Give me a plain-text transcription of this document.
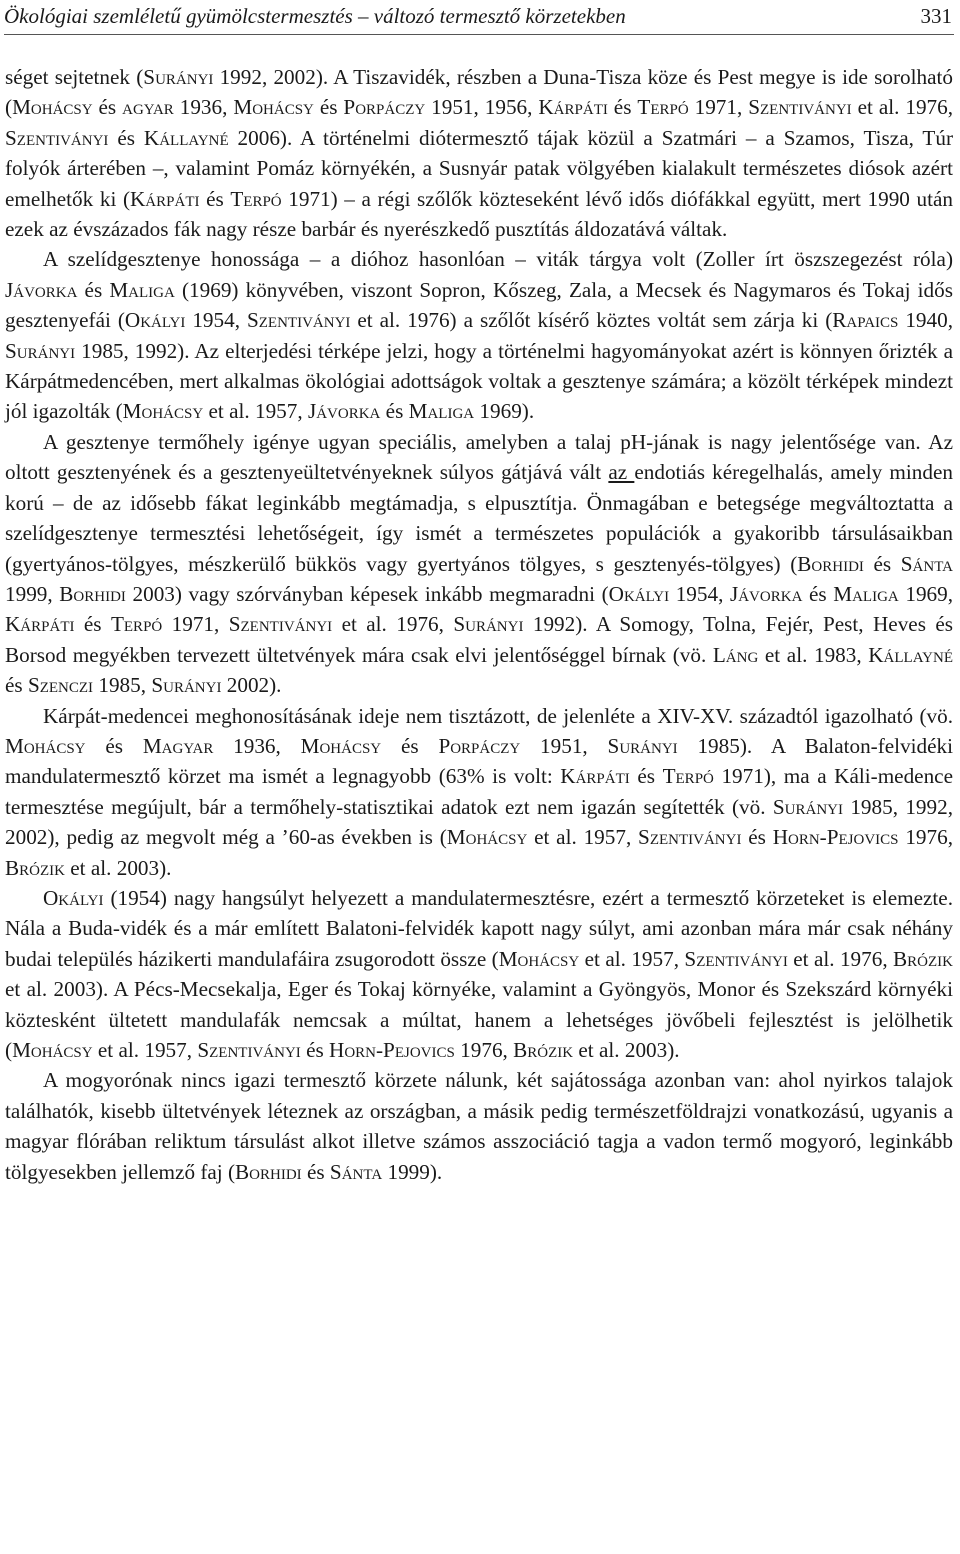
Ökológiai szemléletű gyümölcstermesztés – változó termesztő körzetekben	331

séget sejtetnek (Surányi 1992, 2002). A Tiszavidék, részben a Duna-Tisza köze és Pest megye is ide sorolható (Mohácsy és agyar 1936, Mohácsy és Porpáczy 1951, 1956, Kárpáti és Terpó 1971, Szentiványi et al. 1976, Szentiványi és Kállayné 2006). A történelmi diótermesztő tájak közül a Szatmári – a Szamos, Tisza, Túr folyók árterében –, valamint Pomáz környékén, a Susnyár patak völgyében kialakult természetes diósok azért emelhetők ki (Kárpáti és Terpó 1971) – a régi szőlők közteseként lévő idős diófákkal együtt, mert 1990 után ezek az évszázados fák nagy része barbár és nyerészkedő pusztítás áldozatává váltak.

A szelídgesztenye honossága – a dióhoz hasonlóan – viták tárgya volt (Zoller írt öszszegezést róla) Jávorka és Maliga (1969) könyvében, viszont Sopron, Kőszeg, Zala, a Mecsek és Nagymaros és Tokaj idős gesztenyefái (Okályi 1954, Szentiványi et al. 1976) a szőlőt kísérő köztes voltát sem zárja ki (Rapaics 1940, Surányi 1985, 1992). Az elterjedési térképe jelzi, hogy a történelmi hagyományokat azért is könnyen őrizték a Kárpátmedencében, mert alkalmas ökológiai adottságok voltak a gesztenye számára; a közölt térképek mindezt jól igazolták (Mohácsy et al. 1957, Jávorka és Maliga 1969).

A gesztenye termőhely igénye ugyan speciális, amelyben a talaj pH-jának is nagy jelentősége van. Az oltott gesztenyének és a gesztenyeültetvényeknek súlyos gátjává vált az endotiás kéregelhalás, amely minden korú – de az idősebb fákat leginkább megtámadja, s elpusztítja. Önmagában e betegsége megváltoztatta a szelídgesztenye termesztési lehetőségeit, így ismét a természetes populációk a gyakoribb társulásaikban (gyertyános-tölgyes, mészkerülő bükkös vagy gyertyános tölgyes, s gesztenyés-tölgyes) (Borhidi és Sánta 1999, Borhidi 2003) vagy szórványban képesek inkább megmaradni (Okályi 1954, Jávorka és Maliga 1969, Kárpáti és Terpó 1971, Szentiványi et al. 1976, Surányi 1992). A Somogy, Tolna, Fejér, Pest, Heves és Borsod megyékben tervezett ültetvények mára csak elvi jelentőséggel bírnak (vö. Láng et al. 1983, Kállayné és Szenczi 1985, Surányi 2002).

Kárpát-medencei meghonosításának ideje nem tisztázott, de jelenléte a XIV-XV. századtól igazolható (vö. Mohácsy és Magyar 1936, Mohácsy és Porpáczy 1951, Surányi 1985). A Balaton-felvidéki mandulatermesztő körzet ma ismét a legnagyobb (63% is volt: Kárpáti és Terpó 1971), ma a Káli-medence termesztése megújult, bár a termőhely-statisztikai adatok ezt nem igazán segítették (vö. Surányi 1985, 1992, 2002), pedig az megvolt még a ’60-as években is (Mohácsy et al. 1957, Szentiványi és Horn-Pejovics 1976, Brózik et al. 2003).

Okályi (1954) nagy hangsúlyt helyezett a mandulatermesztésre, ezért a termesztő körzeteket is elemezte. Nála a Buda-vidék és a már említett Balatoni-felvidék kapott nagy súlyt, ami azonban mára már csak néhány budai település házikerti mandulafáira zsugorodott össze (Mohácsy et al. 1957, Szentiványi et al. 1976, Brózik et al. 2003). A Pécs-Mecsekalja, Eger és Tokaj környéke, valamint a Gyöngyös, Monor és Szekszárd környéki köztesként ültetett mandulafák nemcsak a múltat, hanem a lehetséges jövőbeli fejlesztést is jelölhetik (Mohácsy et al. 1957, Szentiványi és Horn-Pejovics 1976, Brózik et al. 2003).

A mogyorónak nincs igazi termesztő körzete nálunk, két sajátossága azonban van: ahol nyirkos talajok találhatók, kisebb ültetvények léteznek az országban, a másik pedig természetföldrajzi vonatkozású, ugyanis a magyar flórában reliktum társulást alkot illetve számos asszociáció tagja a vadon termő mogyoró, leginkább tölgyesekben jellemző faj (Borhidi és Sánta 1999).
